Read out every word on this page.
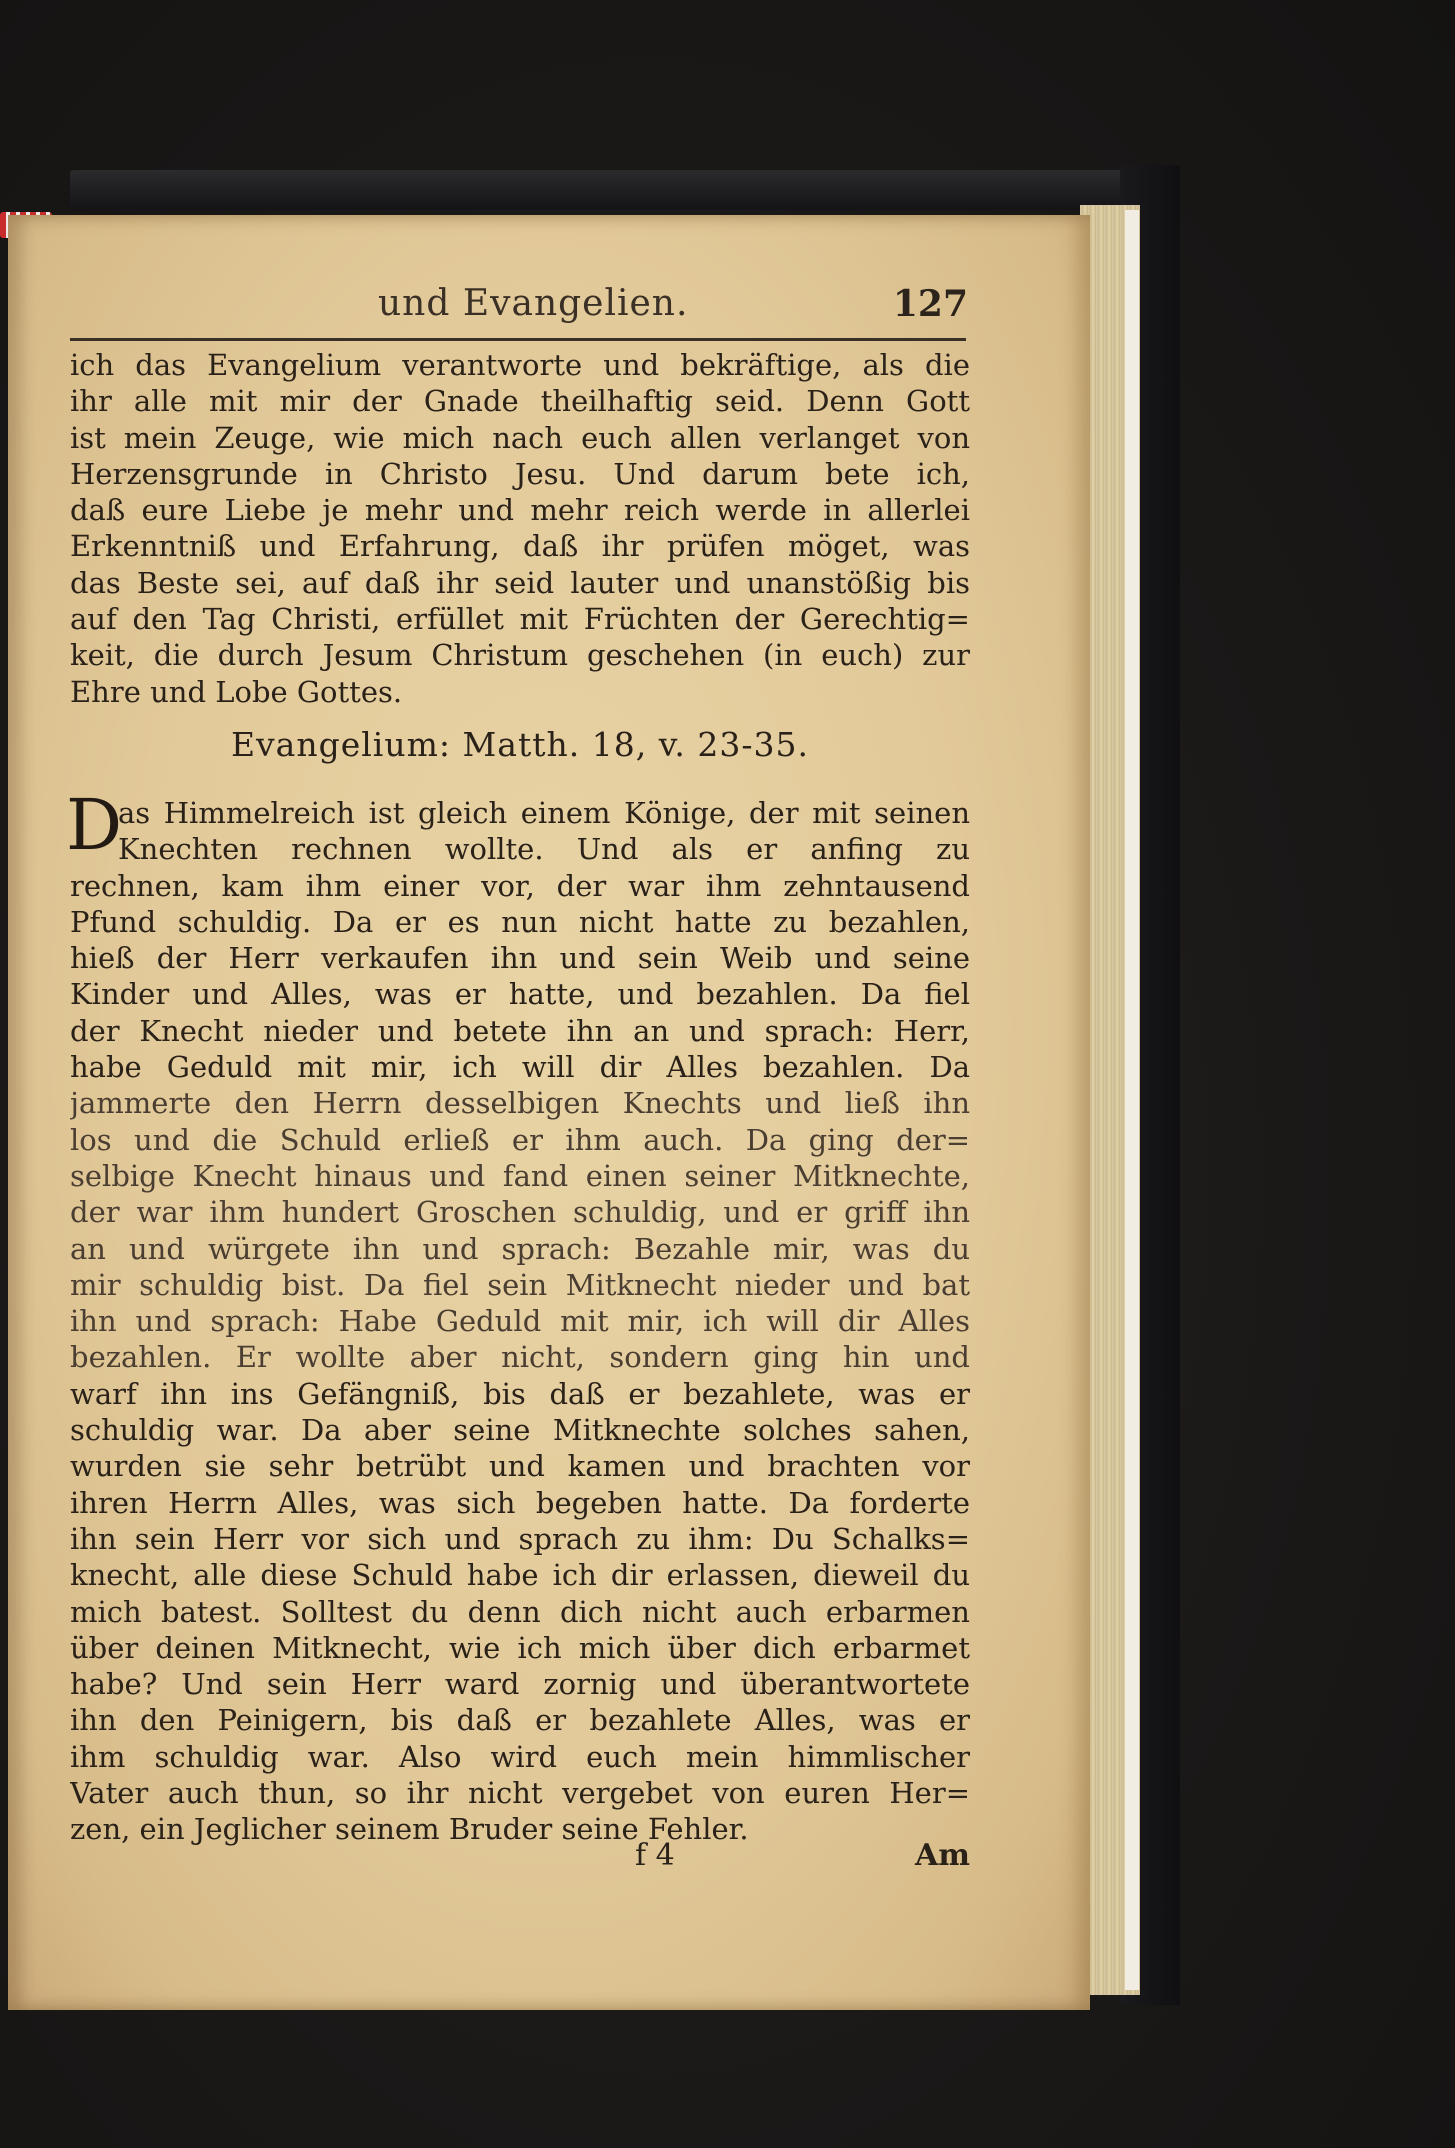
und Evangelien.	127
ich das Evangelium verantworte und bekräftige, als die
ihr alle mit mir der Gnade theilhaftig seid. Denn Gott
ist mein Zeuge, wie mich nach euch allen verlanget von
Herzensgrunde in Christo Jesu. Und darum bete ich,
daß eure Liebe je mehr und mehr reich werde in allerlei
Erkenntniß und Erfahrung, daß ihr prüfen möget, was
das Beste sei, auf daß ihr seid lauter und unanstößig bis
auf den Tag Christi, erfüllet mit Früchten der Gerechtig=
keit, die durch Jesum Christum geschehen (in euch) zur
Ehre und Lobe Gottes.
Evangelium: Matth. 18, v. 23-35.
D
as Himmelreich ist gleich einem Könige, der mit seinen
Knechten rechnen wollte. Und als er anfing zu
rechnen, kam ihm einer vor, der war ihm zehntausend
Pfund schuldig. Da er es nun nicht hatte zu bezahlen,
hieß der Herr verkaufen ihn und sein Weib und seine
Kinder und Alles, was er hatte, und bezahlen. Da fiel
der Knecht nieder und betete ihn an und sprach: Herr,
habe Geduld mit mir, ich will dir Alles bezahlen. Da
jammerte den Herrn desselbigen Knechts und ließ ihn
los und die Schuld erließ er ihm auch. Da ging der=
selbige Knecht hinaus und fand einen seiner Mitknechte,
der war ihm hundert Groschen schuldig, und er griff ihn
an und würgete ihn und sprach: Bezahle mir, was du
mir schuldig bist. Da fiel sein Mitknecht nieder und bat
ihn und sprach: Habe Geduld mit mir, ich will dir Alles
bezahlen. Er wollte aber nicht, sondern ging hin und
warf ihn ins Gefängniß, bis daß er bezahlete, was er
schuldig war. Da aber seine Mitknechte solches sahen,
wurden sie sehr betrübt und kamen und brachten vor
ihren Herrn Alles, was sich begeben hatte. Da forderte
ihn sein Herr vor sich und sprach zu ihm: Du Schalks=
knecht, alle diese Schuld habe ich dir erlassen, dieweil du
mich batest. Solltest du denn dich nicht auch erbarmen
über deinen Mitknecht, wie ich mich über dich erbarmet
habe? Und sein Herr ward zornig und überantwortete
ihn den Peinigern, bis daß er bezahlete Alles, was er
ihm schuldig war. Also wird euch mein himmlischer
Vater auch thun, so ihr nicht vergebet von euren Her=
zen, ein Jeglicher seinem Bruder seine Fehler.
f 4	Am
